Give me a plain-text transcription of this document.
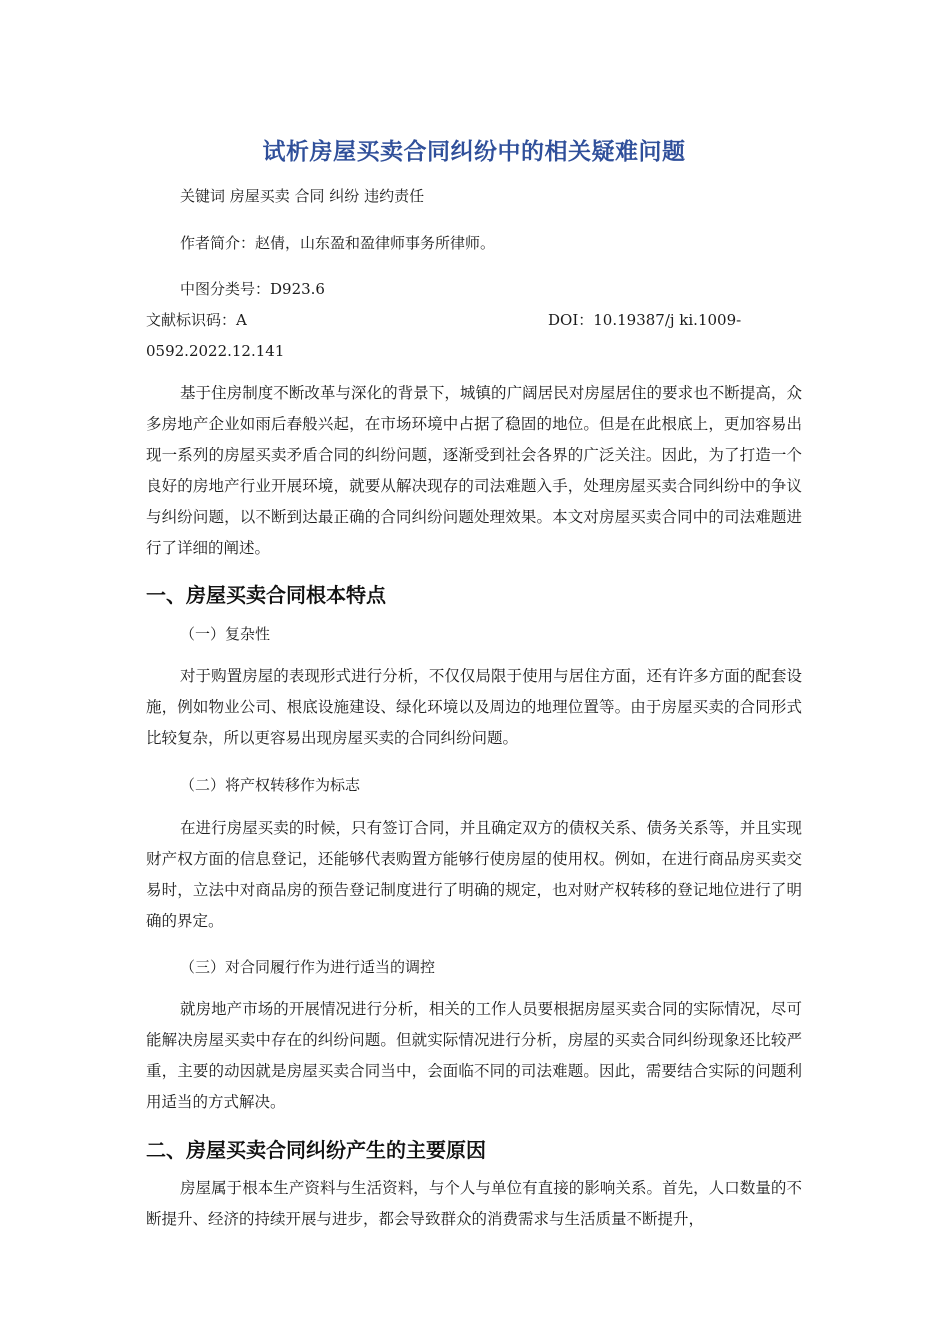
试析房屋买卖合同纠纷中的相关疑难问题
关键词 房屋买卖 合同 纠纷 违约责任
作者简介：赵倩，山东盈和盈律师事务所律师。
中图分类号：D923.6
文献标识码：A	DOI：10.19387/j ki.1009-
0592.2022.12.141
基于住房制度不断改革与深化的背景下，城镇的广阔居民对房屋居住的要求也不断提高，众多房地产企业如雨后春般兴起，在市场环境中占据了稳固的地位。但是在此根底上，更加容易出现一系列的房屋买卖矛盾合同的纠纷问题，逐渐受到社会各界的广泛关注。因此，为了打造一个良好的房地产行业开展环境，就要从解决现存的司法难题入手，处理房屋买卖合同纠纷中的争议与纠纷问题，以不断到达最正确的合同纠纷问题处理效果。本文对房屋买卖合同中的司法难题进行了详细的阐述。
一、房屋买卖合同根本特点
（一）复杂性
对于购置房屋的表现形式进行分析，不仅仅局限于使用与居住方面，还有许多方面的配套设施，例如物业公司、根底设施建设、绿化环境以及周边的地理位置等。由于房屋买卖的合同形式比较复杂，所以更容易出现房屋买卖的合同纠纷问题。
（二）将产权转移作为标志
在进行房屋买卖的时候，只有签订合同，并且确定双方的债权关系、债务关系等，并且实现财产权方面的信息登记，还能够代表购置方能够行使房屋的使用权。例如，在进行商品房买卖交易时，立法中对商品房的预告登记制度进行了明确的规定，也对财产权转移的登记地位进行了明确的界定。
（三）对合同履行作为进行适当的调控
就房地产市场的开展情况进行分析，相关的工作人员要根据房屋买卖合同的实际情况，尽可能解决房屋买卖中存在的纠纷问题。但就实际情况进行分析，房屋的买卖合同纠纷现象还比较严重，主要的动因就是房屋买卖合同当中，会面临不同的司法难题。因此，需要结合实际的问题利用适当的方式解决。
二、房屋买卖合同纠纷产生的主要原因
房屋属于根本生产资料与生活资料，与个人与单位有直接的影响关系。首先，人口数量的不断提升、经济的持续开展与进步，都会导致群众的消费需求与生活质量不断提升，
